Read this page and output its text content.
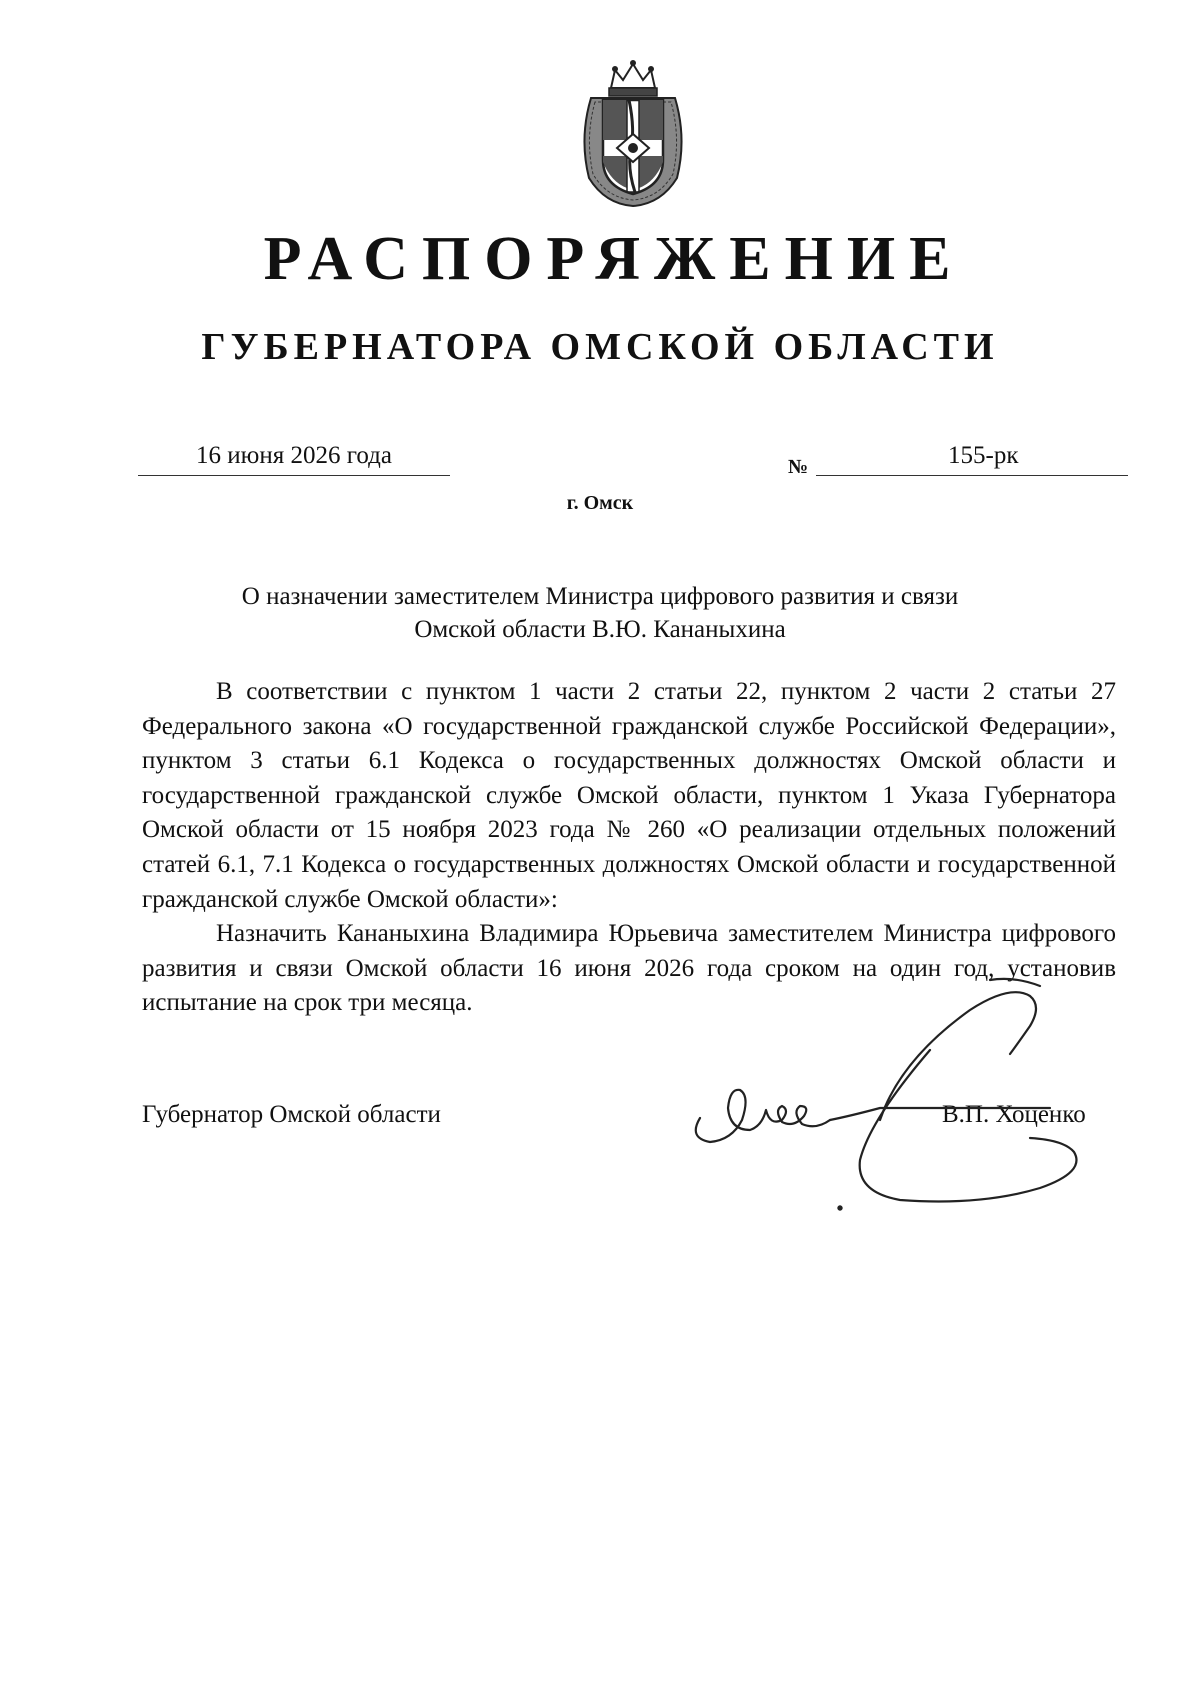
РАСПОРЯЖЕНИЕ
ГУБЕРНАТОРА ОМСКОЙ ОБЛАСТИ
16 июня 2026 года	№	155-рк
г. Омск
О назначении заместителем Министра цифрового развития и связи
Омской области В.Ю. Кананыхина

В соответствии с пунктом 1 части 2 статьи 22, пунктом 2 части 2 статьи 27 Федерального закона «О государственной гражданской службе Российской Федерации», пунктом 3 статьи 6.1 Кодекса о государственных должностях Омской области и государственной гражданской службе Омской области, пунктом 1 Указа Губернатора Омской области от 15 ноября 2023 года № 260 «О реализации отдельных положений статей 6.1, 7.1 Кодекса о государственных должностях Омской области и государственной гражданской службе Омской области»:

Назначить Кананыхина Владимира Юрьевича заместителем Министра цифрового развития и связи Омской области 16 июня 2026 года сроком на один год, установив испытание на срок три месяца.

Губернатор Омской области	В.П. Хоценко
